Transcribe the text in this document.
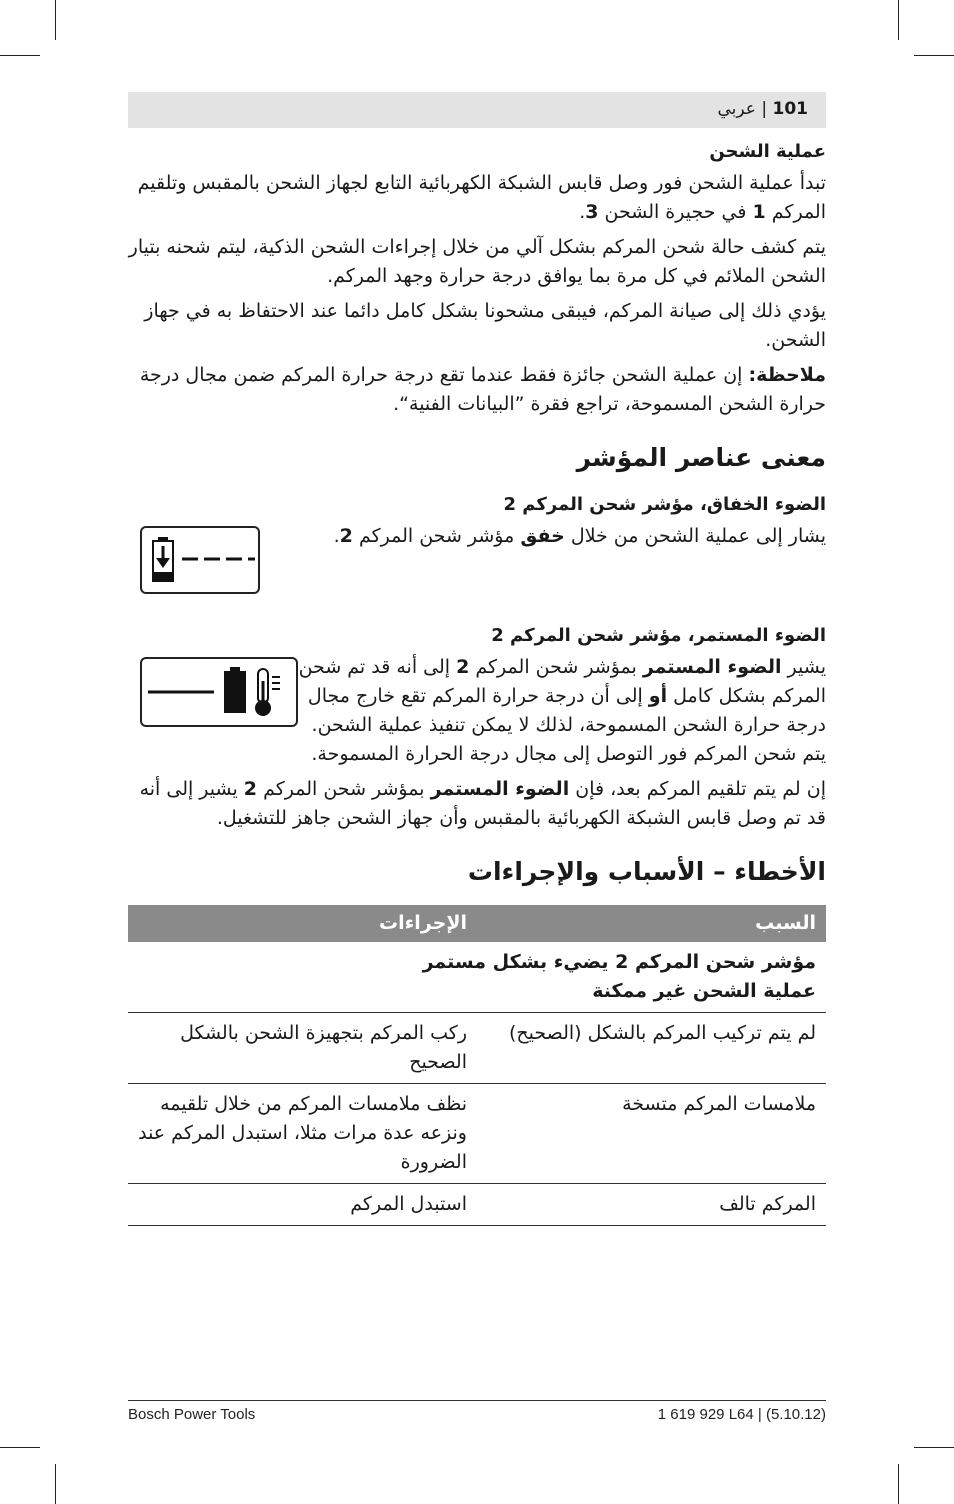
101 | عربي
عملية الشحن

تبدأ عملية الشحن فور وصل قابس الشبكة الكهربائية التابع لجهاز الشحن بالمقبس وتلقيم المركم 1 في حجيرة الشحن 3.

يتم كشف حالة شحن المركم بشكل آلي من خلال إجراءات الشحن الذكية، ليتم شحنه بتيار الشحن الملائم في كل مرة بما يوافق درجة حرارة وجهد المركم.

يؤدي ذلك إلى صيانة المركم، فيبقى مشحونا بشكل كامل دائما عند الاحتفاظ به في جهاز الشحن.

ملاحظة: إن عملية الشحن جائزة فقط عندما تقع درجة حرارة المركم ضمن مجال درجة حرارة الشحن المسموحة، تراجع فقرة ”البيانات الفنية“.

معنى عناصر المؤشر
الضوء الخفاق، مؤشر شحن المركم 2

يشار إلى عملية الشحن من خلال خفق مؤشر شحن المركم 2.

الضوء المستمر، مؤشر شحن المركم 2

يشير الضوء المستمر بمؤشر شحن المركم 2 إلى أنه قد تم شحن المركم بشكل كامل أو إلى أن درجة حرارة المركم تقع خارج مجال درجة حرارة الشحن المسموحة، لذلك لا يمكن تنفيذ عملية الشحن. يتم شحن المركم فور التوصل إلى مجال درجة الحرارة المسموحة.

إن لم يتم تلقيم المركم بعد، فإن الضوء المستمر بمؤشر شحن المركم 2 يشير إلى أنه قد تم وصل قابس الشبكة الكهربائية بالمقبس وأن جهاز الشحن جاهز للتشغيل.

الأخطاء – الأسباب والإجراءات
السبب	الإجراءات

مؤشر شحن المركم 2 يضيء بشكل مستمر
عملية الشحن غير ممكنة	

لم يتم تركيب المركم بالشكل (الصحيح)	ركب المركم بتجهيزة الشحن بالشكل الصحيح
ملامسات المركم متسخة	نظف ملامسات المركم من خلال تلقيمه ونزعه عدة مرات مثلا، استبدل المركم عند الضرورة
المركم تالف	استبدل المركم
Bosch Power Tools	1 619 929 L64 | (5.10.12)
